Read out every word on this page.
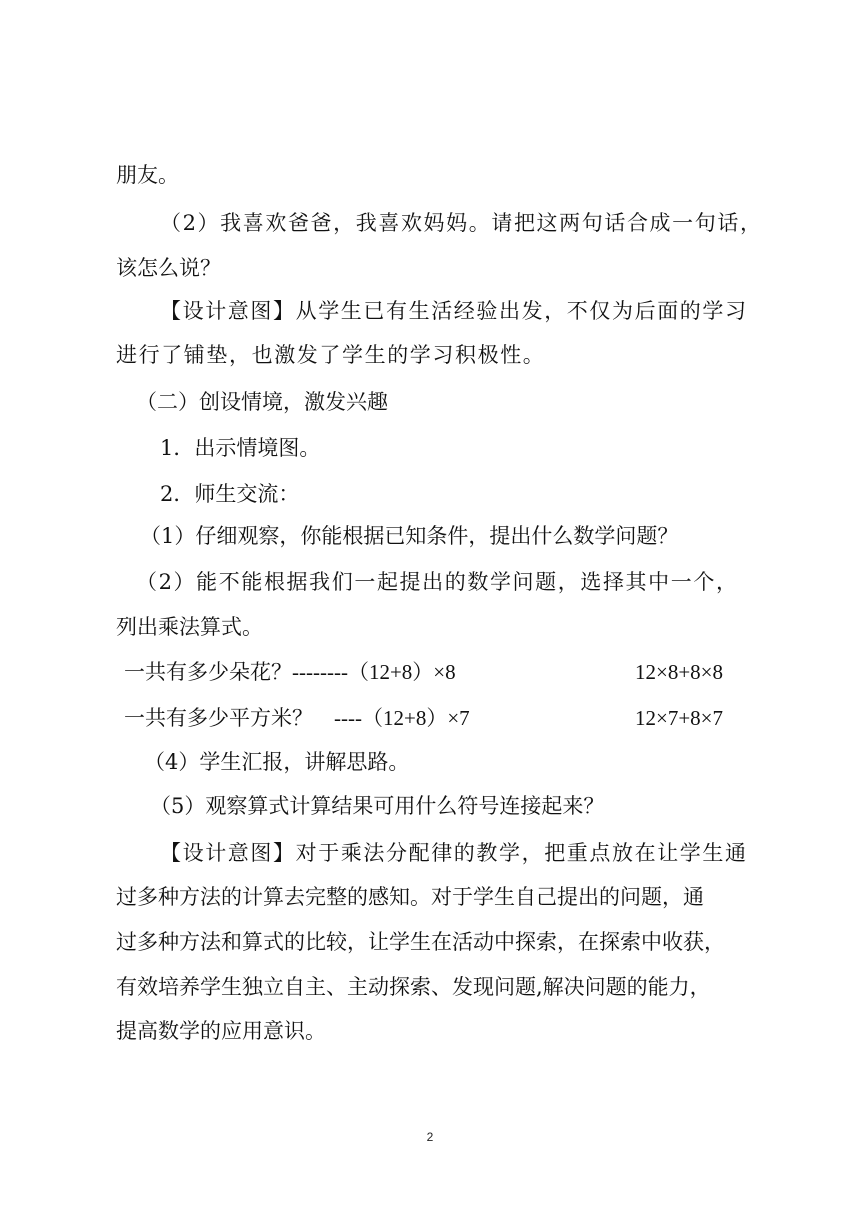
朋友。
（2）我喜欢爸爸，我喜欢妈妈。请把这两句话合成一句话，
该怎么说？
【设计意图】从学生已有生活经验出发，不仅为后面的学习
进行了铺垫，也激发了学生的学习积极性。
（二）创设情境，激发兴趣
1．出示情境图。
2．师生交流：
（1）仔细观察，你能根据已知条件，提出什么数学问题？
（2）能不能根据我们一起提出的数学问题，选择其中一个，
列出乘法算式。
一共有多少朵花？--------（12+8）×8	12×8+8×8
一共有多少平方米？　----（12+8）×7	12×7+8×7
（4）学生汇报，讲解思路。
（5）观察算式计算结果可用什么符号连接起来？
【设计意图】对于乘法分配律的教学，把重点放在让学生通
过多种方法的计算去完整的感知。对于学生自己提出的问题，通
过多种方法和算式的比较，让学生在活动中探索，在探索中收获，
有效培养学生独立自主、主动探索、发现问题,解决问题的能力，
提高数学的应用意识。
2
